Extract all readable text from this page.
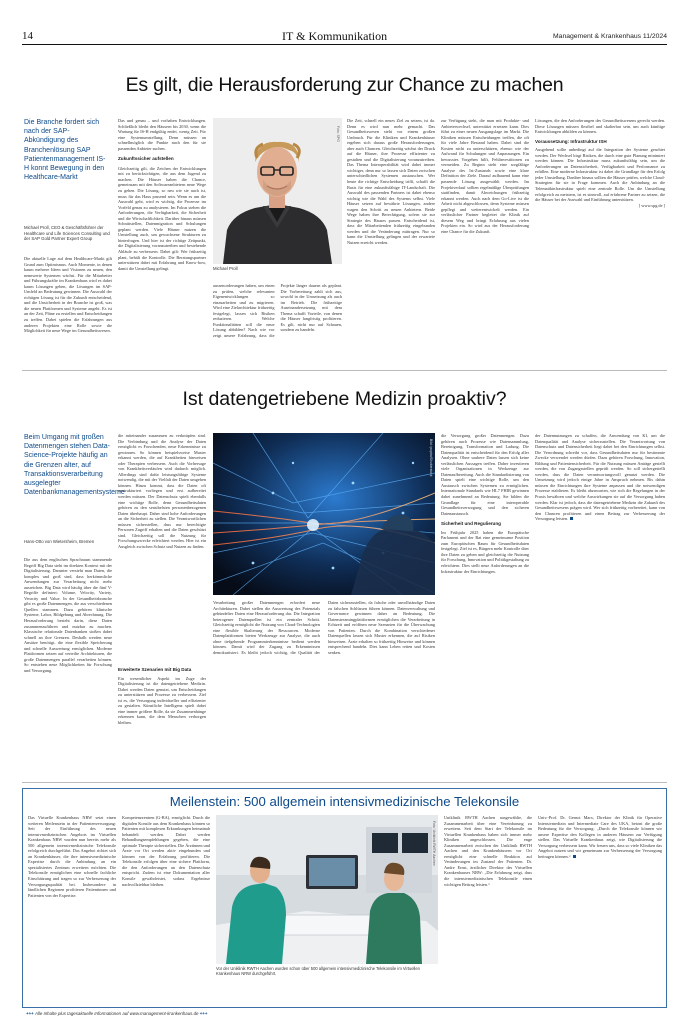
14	IT & Kommunikation	Management & Krankenhaus 11/2024
Es gilt, die Herausforderung zur Chance zu machen
Die Branche fordert sich nach der SAP-Abkündigung des Branchenlösung SAP Patientenmanagement IS-H konnt Bewegung in den Healthcare-Markt
Michael Proll, CEO & Geschäftsführer der Healthcare und Life Sciences Consulting und der SAP Gold Partner Expert Group
Die aktuelle Lage auf dem Healthcare-Markt gilt Grund zum Optimismus. Auch Momente, in denen kaum mehrere Ideen und Visionen zu neuen, den nennwerte Systemen wächst. Für die Mitarbeiter und Führungskräfte im Krankenhaus wird es dabei kaum Lösungen geben, die Lösungen im SAP-Umfeld an Bedeutung gewinnen. Die Auswahl der richtigen Lösung ist für die Zukunft entscheidend, und die Unsicherheit in der Branche ist groß, was die neuen Plattformen und Systeme angeht. Es ist an der Zeit, Pläne zu erstellen und Entscheidungen zu treffen. Dabei spielen die Erfahrungen aus anderen Projekten eine Rolle sowie die Möglichkeit für neue Wege im Gesundheitswesen.
Das und genau – und vorhaben Entwicklungen. Schließlich bleibt den Häusern bis 2030, wenn die Wartung für IS-H endgültig endet, wenig Zeit. Für eine Systemumstellung. Denn müssen an schnellmöglich die Punkte nach den für sie passenden Anbieter suchen.
Zukunftssicher aufstellen
Gleichzeitig gilt, die Zeichen der Entwicklungen mit zu berücksichtigen, die aus dem Jugend zu machen. Die Häuser haben die Chance, gemeinsam mit den Softwareanbietern neue Wege zu gehen. Die Lösung, so neu wie sie auch ist, muss für das Haus passend sein. Wenn es um die Auswahl geht, wird es wichtig, die Prozesse im Vorfeld genau zu analysieren. Im Fokus stehen die Anforderungen, die Verfügbarkeit, die Sicherheit und die Wirtschaftlichkeit. Darüber hinaus müssen Schnittstellen, Datenmigration und Schulungen geplant werden. Viele Häuser nutzen die Umstellung auch, um gewachsene Strukturen zu hinterfragen. Und hier ist der richtige Zeitpunkt, die Digitalisierung voranzutreiben und bestehende Abläufe zu verbessern. Dabei gilt: Wer frühzeitig plant, behält die Kontrolle. Die Beratungspartner unterstützen dabei mit Erfahrung und Know-how, damit die Umstellung gelingt.
Foto: SPG
Michael Proll
aussenorderungen haben, um einen zu prüfen, welche relevanten Eigenentwicklungen so einzuarbeiten und zu migrieren. Wird eine Zielarchitektur frühzeitig festgelegt, lassen sich Risiken reduzieren. Welche Funktionalitäten soll die neue Lösung abbilden? Nach wie vor zeigt unsere Erfahrung, dass die Projekte länger dauern als geplant. Die Vorbereitung zahlt sich aus, sowohl in der Umsetzung als auch im Betrieb. Die frühzeitige Auseinandersetzung mit dem Thema schafft Vorteile, von denen die Häuser langfristig profitieren. Es gilt, nicht nur auf Schauen, sondern zu handeln.
Die Zeit, schnell ein neues Ziel zu setzen, ist da. Denn es wird nun mehr gemacht. Das Gesundheitswesen steht vor einem großen Umbruch. Für die Kliniken und Krankenhäuser ergeben sich daraus große Herausforderungen, aber auch Chancen. Gleichzeitig wächst der Druck auf die Häuser, ihre Prozesse effizienter zu gestalten und die Digitalisierung voranzutreiben. Das Thema Interoperabilität wird dabei immer wichtiger, denn nur so lassen sich Daten zwischen unterschiedlichen Systemen austauschen. Wer heute die richtige Entscheidung trifft, schafft die Basis für eine zukunftsfähige IT-Landschaft. Die Auswahl des passenden Partners ist dabei ebenso wichtig wie die Wahl des Systems selbst. Viele Häuser setzen auf bewährte Lösungen, andere wagen den Schritt zu neuen Anbietern. Beide Wege haben ihre Berechtigung, sofern sie zur Strategie des Hauses passen. Entscheidend ist, dass die Mitarbeitenden frühzeitig eingebunden werden und die Veränderung mittragen. Nur so kann die Umstellung gelingen und der erwartete Nutzen erreicht werden.
zur Verfügung steht, die man mit Produkte- und Anbieterwechsel, unterstützt ersetzen kann. Dies führt zu einer neuen Ausgangslage im Markt. Die Kliniken müssen Entscheidungen treffen, die oft für viele Jahre Bestand haben. Dabei sind die Kosten nicht zu unterschätzen, ebenso wie der Aufwand für Schulungen und Anpassungen. Ein bewusstes Vorgehen hilft, Fehlinvestitionen zu vermeiden. Zu Beginn steht eine sorgfältige Analyse des Ist-Zustands sowie eine klare Definition der Ziele. Darauf aufbauend kann eine passende Lösung ausgewählt werden. Im Projektverlauf sollten regelmäßige Überprüfungen stattfinden, damit Abweichungen frühzeitig erkannt werden. Auch nach dem Go-Live ist die Arbeit nicht abgeschlossen, denn Systeme müssen gepflegt und weiterentwickelt werden. Ein verlässlicher Partner begleitet die Klinik auf diesem Weg und bringt Erfahrung aus vielen Projekten ein. So wird aus der Herausforderung eine Chance für die Zukunft.
Lösungen, die den Anforderungen des Gesundheitswesens gerecht werden. Diese Lösungen müssen flexibel und skalierbar sein, um auch künftige Entwicklungen abbilden zu können.
Voraussetzung: Infrastruktur ISH
Ausgehend sollte unbedingt auf die Integration der Systeme geachtet werden. Der Wechsel birgt Risiken, die durch eine gute Planung minimiert werden können. Die Infrastruktur muss zukunftsfähig sein, um die Anforderungen an Datensicherheit, Verfügbarkeit und Performance zu erfüllen. Eine moderne Infrastruktur ist dabei die Grundlage für den Erfolg jeder Umstellung. Darüber hinaus sollten die Häuser prüfen, welche Cloud-Strategien für sie in Frage kommen. Auch die Anbindung an die Telematikinfrastruktur spielt eine zentrale Rolle. Um die Umstellung erfolgreich zu meistern, ist es sinnvoll, auf erfahrene Partner zu setzen, die die Häuser bei der Auswahl und Einführung unterstützen.
[ www.spg.de ]
Ist datengetriebene Medizin proaktiv?
Beim Umgang mit großen Datenmengen stehen Data-Science-Projekte häufig an die Grenzen alter, auf Transaktionsverarbeitung ausgelegter Datenbankmanagementsysteme
Hans-Otto von Wietersheim, Bremen
Die aus dem englischen Sprachraum stammende Begriff Big Data steht im direkten Kontext mit der Digitalisierung. Darunter versteht man Daten, die komplex und groß sind, dass herkömmliche Anwendungen zur Verarbeitung nicht mehr ausreichen. Big Data wird häufig über die fünf V-Begriffe definiert: Volume, Velocity, Variety, Veracity und Value. In der Gesundheitsbranche gibt es große Datenmengen, die aus verschiedenen Quellen stammen. Dazu gehören klinische Systeme, Labor, Bildgebung und Abrechnung. Die Herausforderung besteht darin, diese Daten zusammenzuführen und nutzbar zu machen. Klassische relationale Datenbanken stoßen dabei schnell an ihre Grenzen. Deshalb werden neue Ansätze benötigt, die eine flexible Speicherung und schnelle Auswertung ermöglichen. Moderne Plattformen setzen auf verteilte Architekturen, die große Datenmengen parallel verarbeiten können. So entstehen neue Möglichkeiten für Forschung und Versorgung.
die miteinander zusammen zu verknüpfen sind. Die Verbindung und die Analyse der Daten ermöglicht es Forschenden, neue Erkenntnisse zu gewinnen. So können beispielsweise Muster erkannt werden, die auf Krankheiten hinweisen oder Therapien verbessern. Auch die Vorhersage von Krankheitsverläufen wird dadurch möglich. Allerdings sind dafür leistungsfähige Systeme notwendig, die mit der Vielfalt der Daten umgehen können. Hinzu kommt, dass die Daten oft unstrukturiert vorliegen und erst aufbereitet werden müssen. Der Datenschutz spielt ebenfalls eine wichtige Rolle, denn Gesundheitsdaten gehören zu den sensibelsten personenbezogenen Daten überhaupt. Daher sind hohe Anforderungen an die Sicherheit zu stellen. Die Verantwortlichen müssen sicherstellen, dass nur berechtigte Personen Zugriff erhalten und die Daten geschützt sind. Gleichzeitig soll die Nutzung für Forschungszwecke erleichtert werden. Hier ist ein Ausgleich zwischen Schutz und Nutzen zu finden.
Bild: ipopba/Shutterstock
Erweiterte Szenarien mit Big Data
Ein wesentlicher Aspekt im Zuge der Digitalisierung ist die datengetriebene Medizin. Dabei werden Daten genutzt, um Entscheidungen zu unterstützen und Prozesse zu verbessern. Ziel ist es, die Versorgung individueller und effizienter zu gestalten. Künstliche Intelligenz spielt dabei eine immer größere Rolle, da sie Zusammenhänge erkennen kann, die dem Menschen verborgen bleiben.
Verarbeitung großer Datenmengen erfordert neue Architekturen. Dabei stellen die Auswertung des Potenzials gebündelter Daten eine Herausforderung dar. Die Integration heterogener Datenquellen ist ein zentraler Schritt. Gleichzeitig ermöglicht die Nutzung von Cloud-Technologien eine flexible Skalierung der Ressourcen. Moderne Datenplattformen bieten Werkzeuge zur Analyse, die auch ohne tiefgehende Programmierkenntnisse bedient werden können. Damit wird der Zugang zu Erkenntnissen demokratisiert. Es bleibt jedoch wichtig, die Qualität der Daten sicherzustellen, da falsche oder unvollständige Daten zu falschen Schlüssen führen können. Datenverwaltung und Governance gewinnen daher an Bedeutung. Die Datenstreamingplattformen ermöglichen die Verarbeitung in Echtzeit und eröffnen neue Szenarien für die Überwachung von Patienten. Durch die Kombination verschiedener Datenquellen lassen sich Muster erkennen, die auf Risiken hinweisen. Ärzte erhalten so frühzeitig Hinweise und können entsprechend handeln. Dies kann Leben retten und Kosten senken.
die Versorgung großer Datenmengen. Dazu gehören auch Prozesse wie Datensammlung, Bereinigung, Transformation und Ladung. Die Datenqualität ist entscheidend für den Erfolg aller Analysen. Ohne saubere Daten lassen sich keine verlässlichen Aussagen treffen. Daher investieren viele Organisationen in Werkzeuge zur Datenaufbereitung. Auch die Standardisierung von Daten spielt eine wichtige Rolle, um den Austausch zwischen Systemen zu ermöglichen. Internationale Standards wie HL7 FHIR gewinnen dabei zunehmend an Bedeutung. Sie bilden die Grundlage für eine interoperable Gesundheitsversorgung und den sicheren Datenaustausch.
Sicherheit und Regulierung
Im Frühjahr 2025 haben die Europäische Parlament und der Rat eine gemeinsame Position zum Europäischen Raum für Gesundheitsdaten festgelegt. Ziel ist es, Bürgern mehr Kontrolle über ihre Daten zu geben und gleichzeitig die Nutzung für Forschung, Innovation und Politikgestaltung zu erleichtern. Dies stellt neue Anforderungen an die Infrastruktur der Einrichtungen.
der Datennutzungen zu schaffen, die Anwendung von KI, um die Datenqualität und Analyse sicherzustellen. Die Verantwortung von Datenschutz und Datensicherheit liegt dabei bei den Einrichtungen selbst. Die Verordnung schreibt vor, dass Gesundheitsdaten nur für bestimmte Zwecke verwendet werden dürfen. Dazu gehören Forschung, Innovation, Bildung und Patientensicherheit. Für die Nutzung müssen Anträge gestellt werden, die von Zugangsstellen geprüft werden. So soll sichergestellt werden, dass die Daten verantwortungsvoll genutzt werden. Die Umsetzung wird jedoch einige Jahre in Anspruch nehmen. Bis dahin müssen die Einrichtungen ihre Systeme anpassen und die notwendigen Prozesse etablieren. Es bleibt abzuwarten, wie sich die Regelungen in der Praxis bewähren und welche Auswirkungen sie auf die Versorgung haben werden. Klar ist jedoch, dass die datengetriebene Medizin die Zukunft des Gesundheitswesens prägen wird. Wer sich frühzeitig vorbereitet, kann von den Chancen profitieren und einen Beitrag zur Verbesserung der Versorgung leisten.
Meilenstein: 500 allgemein intensivmedizinische Telekonsile
Das Virtuelle Krankenhaus NRW setzt einen weiteren Meilenstein in der Patientenversorgung: Seit der Einführung des neuen intensivmedizinischen Angebots im Virtuellen Krankenhaus NRW wurden nun bereits mehr als 500 allgemein intensivmedizinische Telekonsile erfolgreich durchgeführt. Das Angebot richtet sich an Krankenhäuser, die ihre intensivmedizinische Expertise durch die Anbindung an ein spezialisiertes Zentrum erweitern möchten. Die Telekonsile ermöglichen eine schnelle fachliche Einschätzung und tragen so zur Verbesserung der Versorgungsqualität bei. Insbesondere in ländlichen Regionen profitieren Patientinnen und Patienten von der Expertise.
Kompetenzzentren (G-BA), ermöglicht. Durch die digitalen Konsile aus dem Krankenhaus können so Patienten mit komplexen Erkrankungen heimatnah behandelt werden. Dabei werden Behandlungsempfehlungen gegeben, die eine optimale Therapie sicherstellen. Die Ärztinnen und Ärzte vor Ort werden aktiv eingebunden und können von der Erfahrung profitieren. Die Telekonsile erfolgen über eine sichere Plattform, die den Anforderungen an den Datenschutz entspricht. Zudem ist eine Dokumentation aller Konsile gewährleistet, sodass Ergebnisse nachvollziehbar bleiben.
Foto: Uniklinik RWTH Aachen
Vor der Uniklinik RWTH Aachen wurden schon über 500 allgemein intensivmedizinische Telekonsile im Virtuellen Krankenhaus NRW durchgeführt.
Uniklinik RWTH Aachen ausgewählte, die Zusammenarbeit über eine Vereinbarung zu erweitern. Seit dem Start der Telekonsile im Virtuellen Krankenhaus haben sich immer mehr Kliniken angeschlossen. Die enge Zusammenarbeit zwischen der Uniklinik RWTH Aachen und den Krankenhäusern vor Ort ermöglicht eine schnelle Reaktion auf Veränderungen im Zustand der Patienten. Dr. Andre Ernst, ärztlicher Direktor des Virtuellen Krankenhauses NRW: „Die Erfahrung zeigt, dass die intensivmedizinischen Telekonsile einen wichtigen Beitrag leisten.“
Univ.-Prof. Dr. Gernot Marx, Direktor der Klinik für Operative Intensivmedizin und Intermediate Care des UKA, betont die große Bedeutung für die Versorgung: „Durch die Telekonsile können wir unsere Expertise den Kollegen in anderen Häusern zur Verfügung stellen. Das Virtuelle Krankenhaus zeigt, wie Digitalisierung die Versorgung verbessern kann. Wir freuen uns, dass so viele Kliniken das Angebot nutzen und wir gemeinsam zur Verbesserung der Versorgung beitragen können.“
+++ Alle Inhalte plus tagesaktuelle Informationen auf www.management-krankenhaus.de +++
